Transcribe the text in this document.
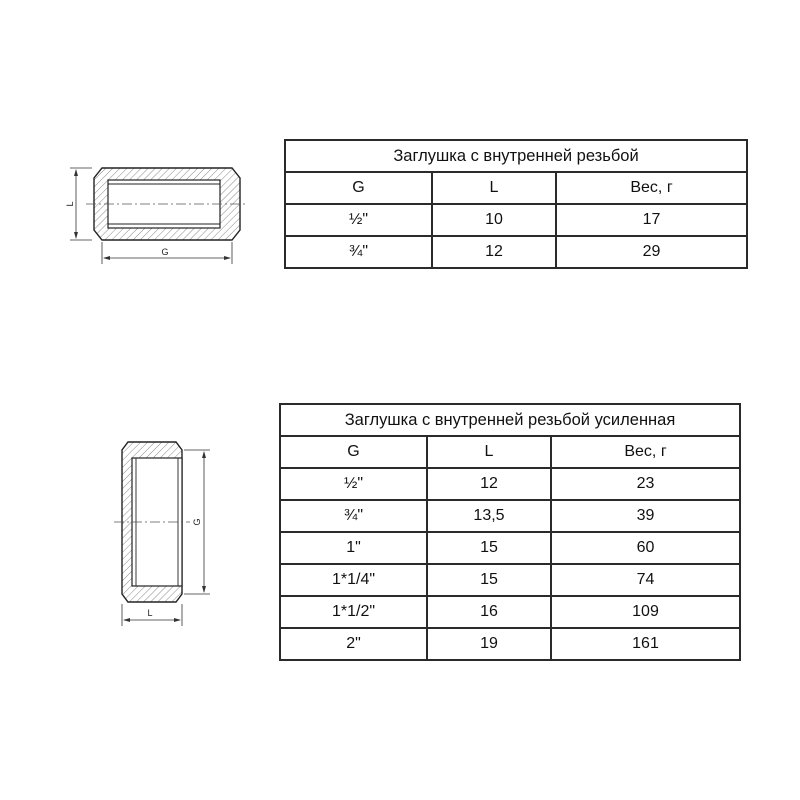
L
G
G
L
Заглушка с внутренней резьбой		
G	L	Вес, г
½"	10	17
¾"	12	29
Заглушка с внутренней резьбой усиленная		
G	L	Вес, г
½"	12	23
¾"	13,5	39
1"	15	60
1*1/4"	15	74
1*1/2"	16	109
2"	19	161
